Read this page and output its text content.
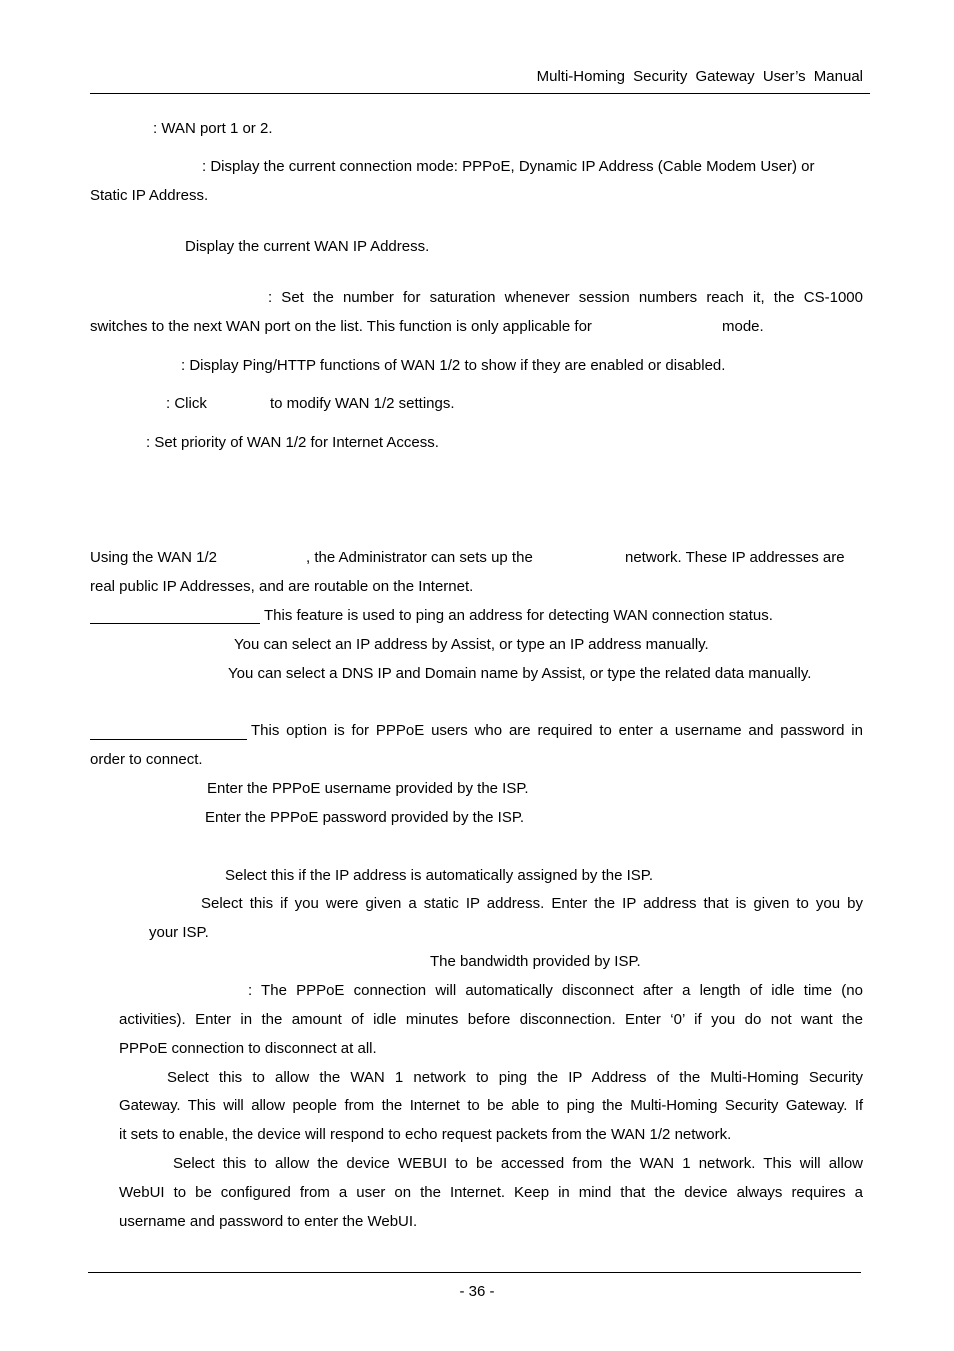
Multi-Homing Security Gateway User’s Manual
: WAN port 1 or 2.
: Display the current connection mode: PPPoE, Dynamic IP Address (Cable Modem User) or
Static IP Address.
Display the current WAN IP Address.
: Set the number for saturation whenever session numbers reach it, the CS-1000
switches to the next WAN port on the list. This function is only applicable for	mode.
: Display Ping/HTTP functions of WAN 1/2 to show if they are enabled or disabled.
: Click	to modify WAN 1/2 settings.
: Set priority of WAN 1/2 for Internet Access.
Using the WAN 1/2	, the Administrator can sets up the	network. These IP addresses are
real public IP Addresses, and are routable on the Internet.
This feature is used to ping an address for detecting WAN connection status.
You can select an IP address by Assist, or type an IP address manually.
You can select a DNS IP and Domain name by Assist, or type the related data manually.
This option is for PPPoE users who are required to enter a username and password in
order to connect.
Enter the PPPoE username provided by the ISP.
Enter the PPPoE password provided by the ISP.
Select this if the IP address is automatically assigned by the ISP.
Select this if you were given a static IP address. Enter the IP address that is given to you by
your ISP.
The bandwidth provided by ISP.
: The PPPoE connection will automatically disconnect after a length of idle time (no
activities). Enter in the amount of idle minutes before disconnection. Enter ‘0’ if you do not want the
PPPoE connection to disconnect at all.
Select this to allow the WAN 1 network to ping the IP Address of the Multi-Homing Security
Gateway. This will allow people from the Internet to be able to ping the Multi-Homing Security Gateway. If
it sets to enable, the device will respond to echo request packets from the WAN 1/2 network.
Select this to allow the device WEBUI to be accessed from the WAN 1 network. This will allow
WebUI to be configured from a user on the Internet. Keep in mind that the device always requires a
username and password to enter the WebUI.
- 36 -
